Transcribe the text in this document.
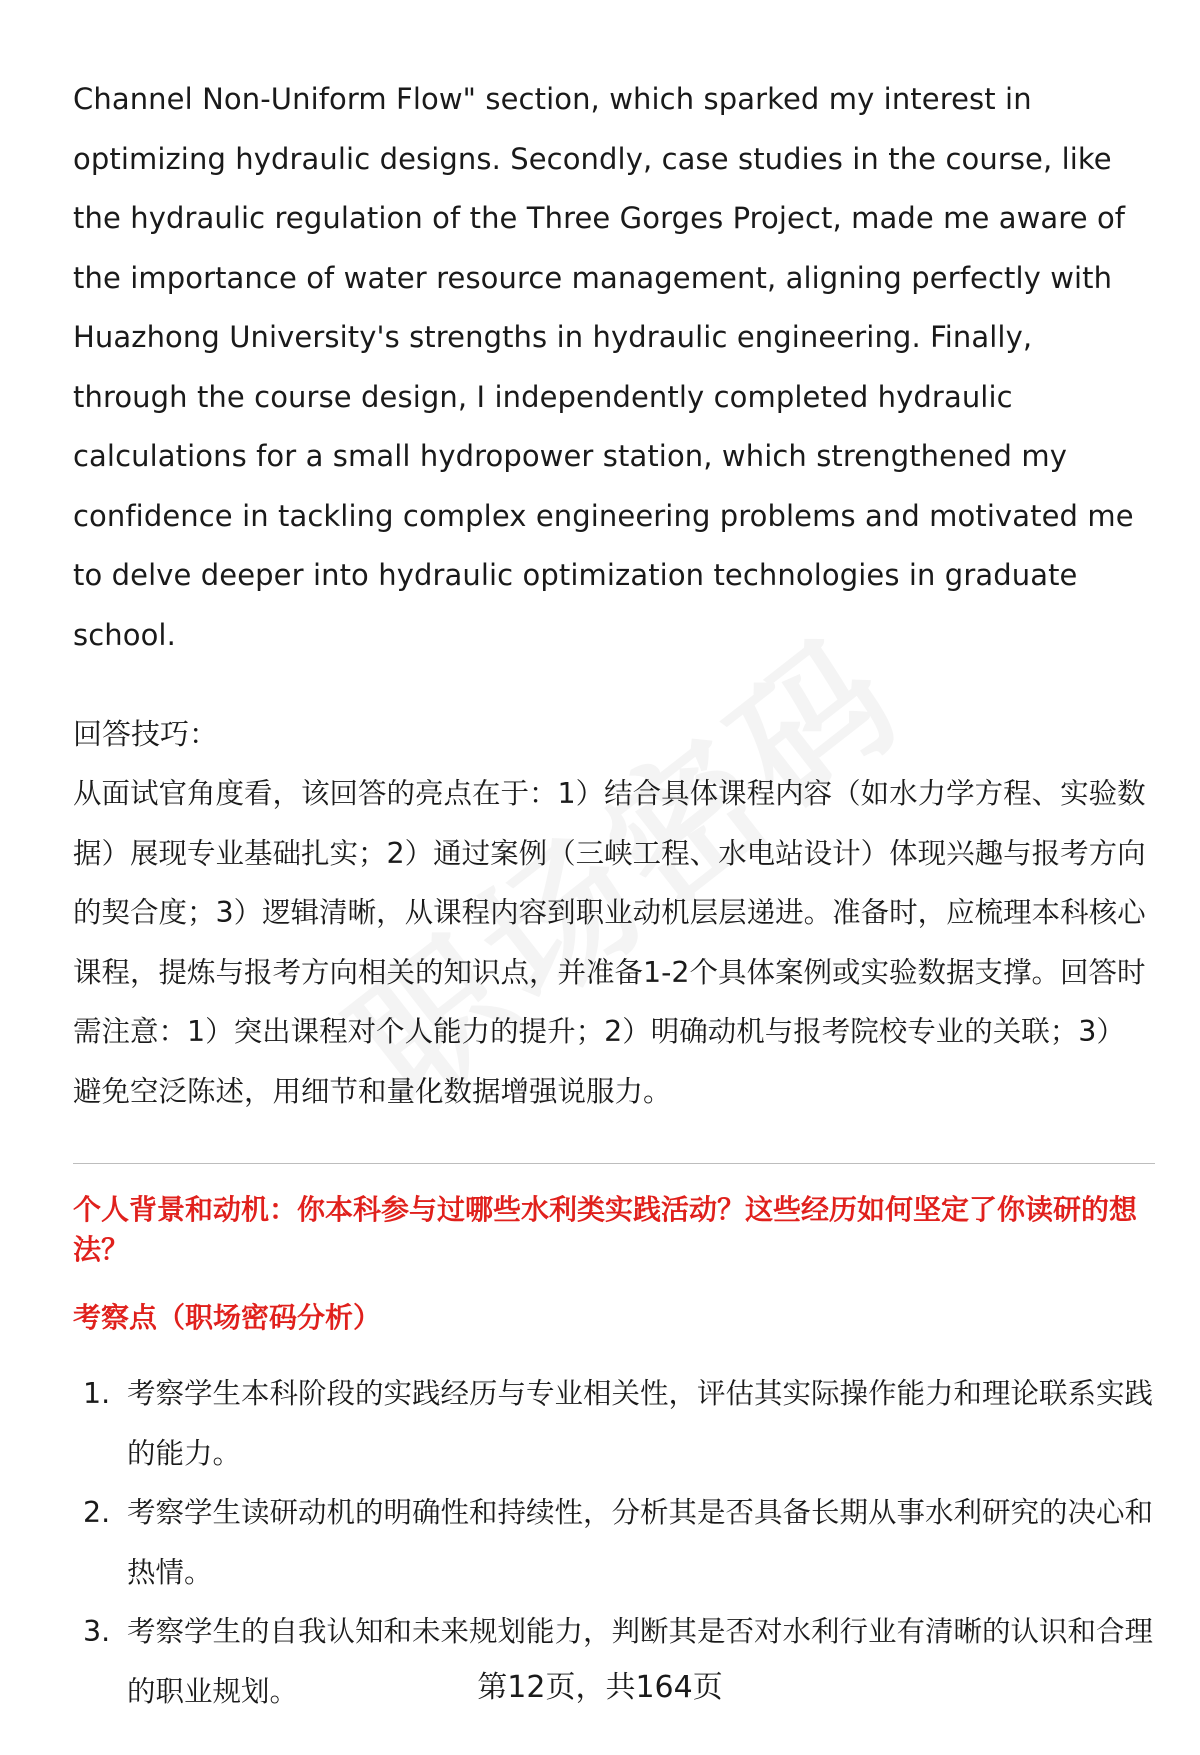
Channel Non-Uniform Flow" section, which sparked my interest in optimizing hydraulic designs. Secondly, case studies in the course, like the hydraulic regulation of the Three Gorges Project, made me aware of the importance of water resource management, aligning perfectly with Huazhong University's strengths in hydraulic engineering. Finally, through the course design, I independently completed hydraulic calculations for a small hydropower station, which strengthened my confidence in tackling complex engineering problems and motivated me to delve deeper into hydraulic optimization technologies in graduate school.

回答技巧：

从面试官角度看，该回答的亮点在于：1）结合具体课程内容（如水力学方程、实验数据）展现专业基础扎实；2）通过案例（三峡工程、水电站设计）体现兴趣与报考方向的契合度；3）逻辑清晰，从课程内容到职业动机层层递进。准备时，应梳理本科核心课程，提炼与报考方向相关的知识点，并准备1-2个具体案例或实验数据支撑。回答时需注意：1）突出课程对个人能力的提升；2）明确动机与报考院校专业的关联；3）避免空泛陈述，用细节和量化数据增强说服力。

个人背景和动机：你本科参与过哪些水利类实践活动？这些经历如何坚定了你读研的想法？

考察点（职场密码分析）

1. 考察学生本科阶段的实践经历与专业相关性，评估其实际操作能力和理论联系实践的能力。
2. 考察学生读研动机的明确性和持续性，分析其是否具备长期从事水利研究的决心和热情。
3. 考察学生的自我认知和未来规划能力，判断其是否对水利行业有清晰的认识和合理的职业规划。	第12页，共164页
